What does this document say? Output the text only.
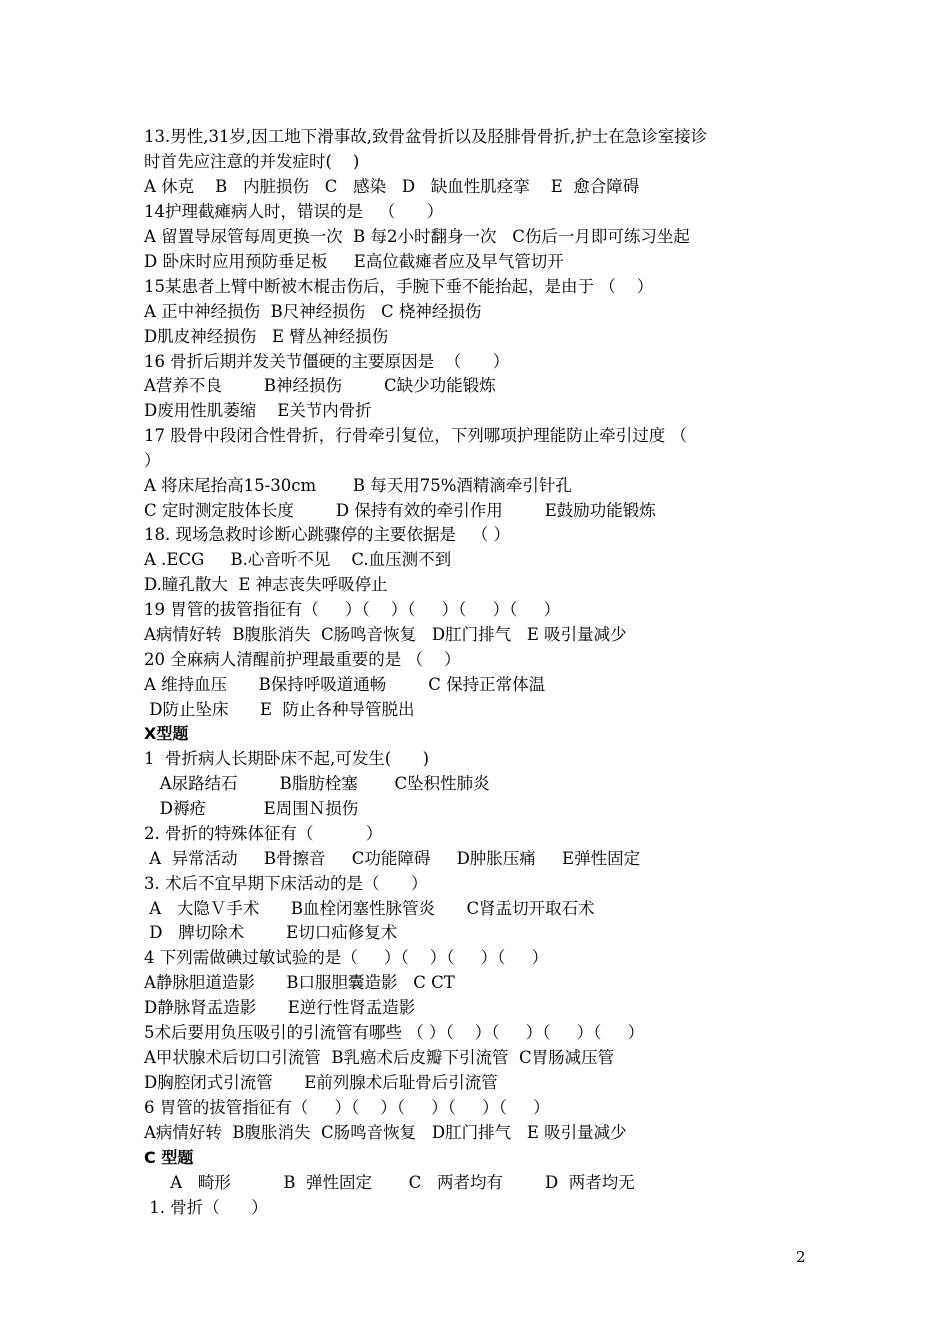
13.男性,31岁,因工地下滑事故,致骨盆骨折以及胫腓骨骨折,护士在急诊室接诊
时首先应注意的并发症时(    )
A 休克    B   内脏损伤   C   感染   D   缺血性肌痉挛    E  愈合障碍
14护理截瘫病人时，错误的是   （      ）
A 留置导尿管每周更换一次  B 每2小时翻身一次   C伤后一月即可练习坐起
D 卧床时应用预防垂足板     E高位截瘫者应及早气管切开
15某患者上臂中断被木棍击伤后，手腕下垂不能抬起，是由于 （    ）
A 正中神经损伤  B尺神经损伤   C 桡神经损伤
D肌皮神经损伤   E 臂丛神经损伤
16 骨折后期并发关节僵硬的主要原因是  （      ）
A营养不良        B神经损伤        C缺少功能锻炼
D废用性肌萎缩    E关节内骨折
17 股骨中段闭合性骨折，行骨牵引复位，下列哪项护理能防止牵引过度 （
）
A 将床尾抬高15-30cm       B 每天用75%酒精滴牵引针孔
C 定时测定肢体长度        D 保持有效的牵引作用        E鼓励功能锻炼
18. 现场急救时诊断心跳骤停的主要依据是   （ ）
A .ECG     B.心音听不见    C.血压测不到
D.瞳孔散大  E 神志丧失呼吸停止
19 胃管的拔管指征有（     ）（    ）（     ）（     ）（     ）
A病情好转  B腹胀消失  C肠鸣音恢复   D肛门排气   E 吸引量减少
20 全麻病人清醒前护理最重要的是 （    ）
A 维持血压      B保持呼吸道通畅        C 保持正常体温
D防止坠床      E  防止各种导管脱出
X型题
1  骨折病人长期卧床不起,可发生(      )
A尿路结石        B脂肪栓塞       C坠积性肺炎
D褥疮           E周围Ｎ损伤
2. 骨折的特殊体征有（          ）
A  异常活动     B骨擦音     C功能障碍     D肿胀压痛     E弹性固定
3. 术后不宜早期下床活动的是（      ）
A   大隐Ｖ手术      B血栓闭塞性脉管炎      C肾盂切开取石术
D   脾切除术        E切口疝修复术
4 下列需做碘过敏试验的是（     ）（    ）（     ）（     ）
A静脉胆道造影      B口服胆囊造影   C CT
D静脉肾盂造影      E逆行性肾盂造影
5术后要用负压吸引的引流管有哪些 （ ）（    ）（     ）（     ）（     ）
A甲状腺术后切口引流管  B乳癌术后皮瓣下引流管  C胃肠减压管
D胸腔闭式引流管      E前列腺术后耻骨后引流管
6 胃管的拔管指征有（     ）（    ）（     ）（     ）（     ）
A病情好转  B腹胀消失  C肠鸣音恢复   D肛门排气   E 吸引量减少
C 型题
A   畸形          B  弹性固定       C   两者均有        D  两者均无
1. 骨折（      ）
2
